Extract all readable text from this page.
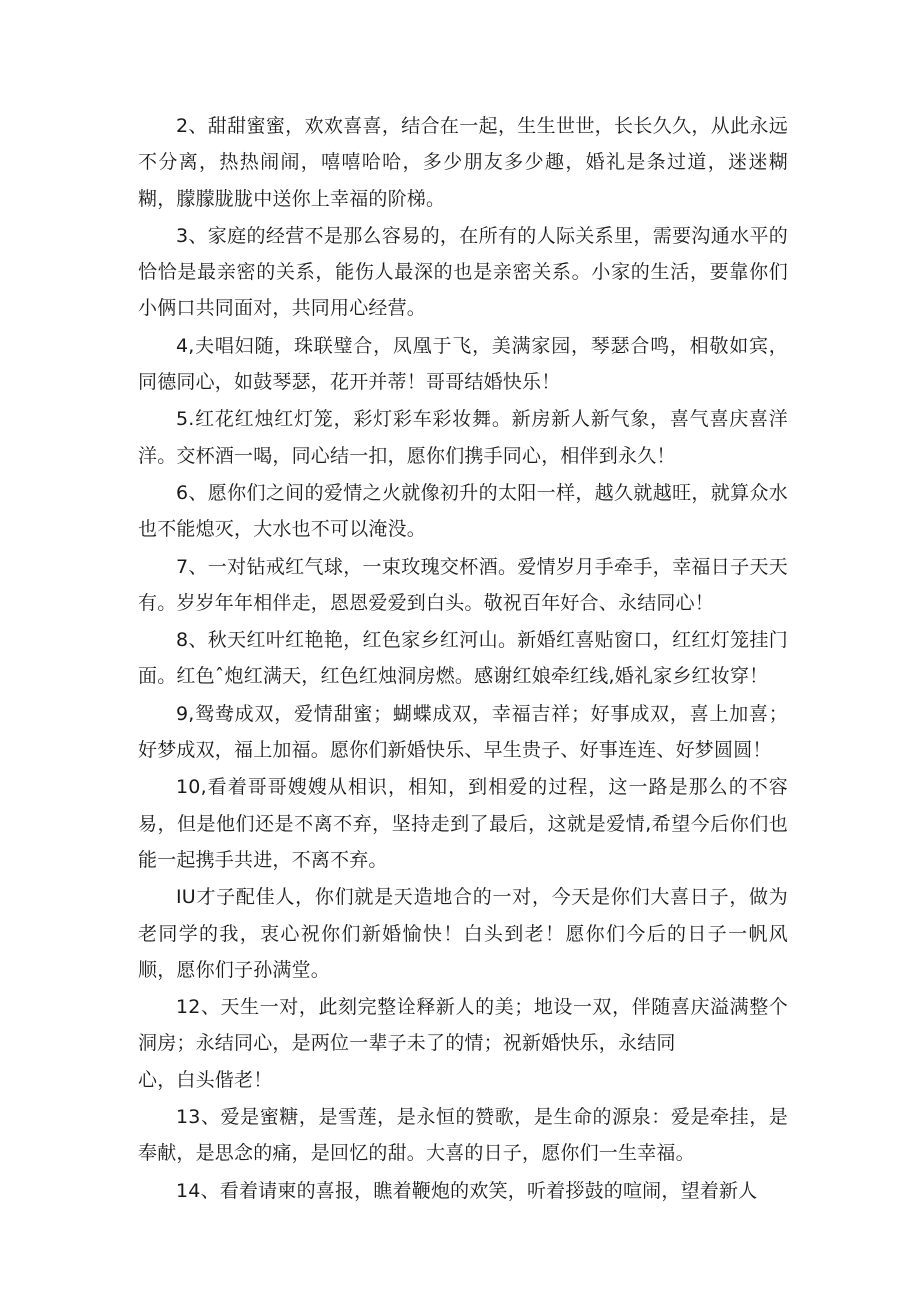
2、甜甜蜜蜜，欢欢喜喜，结合在一起，生生世世，长长久久，从此永远不分离，热热闹闹，嘻嘻哈哈，多少朋友多少趣，婚礼是条过道，迷迷糊糊，朦朦胧胧中送你上幸福的阶梯。

3、家庭的经营不是那么容易的，在所有的人际关系里，需要沟通水平的恰恰是最亲密的关系，能伤人最深的也是亲密关系。小家的生活，要靠你们小俩口共同面对，共同用心经营。

4,夫唱妇随，珠联璧合，凤凰于飞，美满家园，琴瑟合鸣，相敬如宾，同德同心，如鼓琴瑟，花开并蒂！哥哥结婚快乐！

5.红花红烛红灯笼，彩灯彩车彩妆舞。新房新人新气象，喜气喜庆喜洋洋。交杯酒一喝，同心结一扣，愿你们携手同心，相伴到永久！

6、愿你们之间的爱情之火就像初升的太阳一样，越久就越旺，就算众水也不能熄灭，大水也不可以淹没。

7、一对钻戒红气球，一束玫瑰交杯酒。爱情岁月手牵手，幸福日子天天有。岁岁年年相伴走，恩恩爱爱到白头。敬祝百年好合、永结同心！

8、秋天红叶红艳艳，红色家乡红河山。新婚红喜贴窗口，红红灯笼挂门面。红色ˆ炮红满天，红色红烛洞房燃。感谢红娘牵红线,婚礼家乡红妆穿！

9,鸳鸯成双，爱情甜蜜；蝴蝶成双，幸福吉祥；好事成双，喜上加喜；好梦成双，福上加福。愿你们新婚快乐、早生贵子、好事连连、好梦圆圆！

10,看着哥哥嫂嫂从相识，相知，到相爱的过程，这一路是那么的不容易，但是他们还是不离不弃，坚持走到了最后，这就是爱情,希望今后你们也能一起携手共进，不离不弃。

IU才子配佳人，你们就是天造地合的一对，今天是你们大喜日子，做为老同学的我，衷心祝你们新婚愉快！白头到老！愿你们今后的日子一帆风顺，愿你们子孙满堂。

12、天生一对，此刻完整诠释新人的美；地设一双，伴随喜庆溢满整个洞房；永结同心，是两位一辈子未了的情；祝新婚快乐，永结同
心，白头偕老！

13、爱是蜜糖，是雪莲，是永恒的赞歌，是生命的源泉：爱是牵挂，是奉献，是思念的痛，是回忆的甜。大喜的日子，愿你们一生幸福。

14、看着请柬的喜报，瞧着鞭炮的欢笑，听着拶鼓的喧闹，望着新人
